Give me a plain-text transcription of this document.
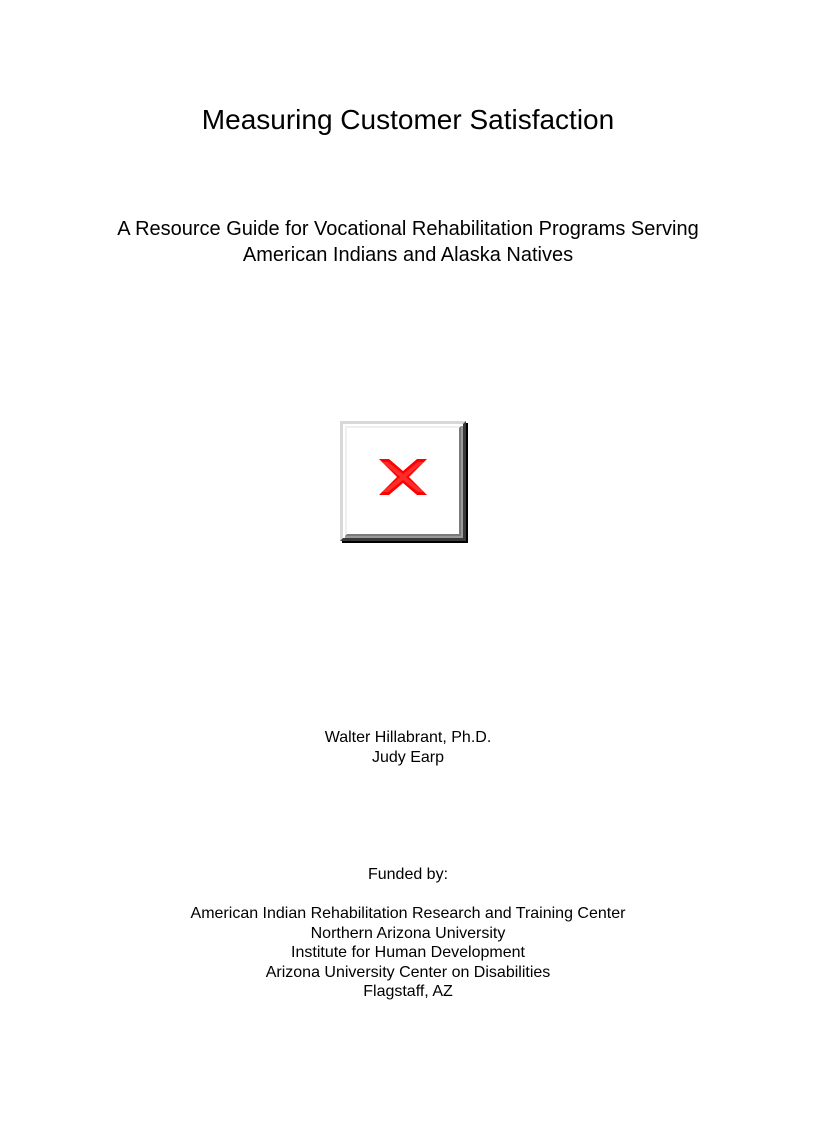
Measuring Customer Satisfaction
A Resource Guide for Vocational Rehabilitation Programs Serving
American Indians and Alaska Natives
Walter Hillabrant, Ph.D.
Judy Earp
Funded by:
American Indian Rehabilitation Research and Training Center
Northern Arizona University
Institute for Human Development
Arizona University Center on Disabilities
Flagstaff, AZ
